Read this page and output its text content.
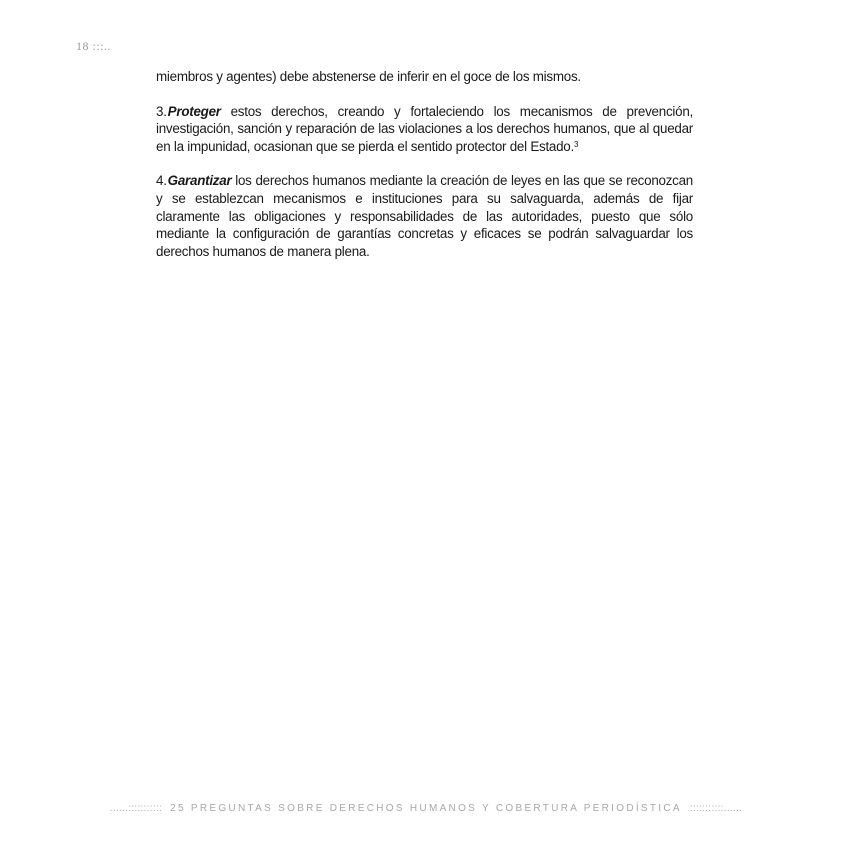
18 :::..

miembros y agentes) debe abstenerse de inferir en el goce de los mismos.

3.Proteger estos derechos, creando y fortaleciendo los mecanismos de prevención, investigación, sanción y reparación de las violaciones a los derechos humanos, que al quedar en la impunidad, ocasionan que se pierda el sentido protector del Estado.$^3$

4.Garantizar los derechos humanos mediante la creación de leyes en las que se reconozcan y se establezcan mecanismos e instituciones para su salvaguarda, además de fijar claramente las obligaciones y responsabilidades de las autoridades, puesto que sólo mediante la configuración de garantías concretas y eficaces se podrán salvaguardar los derechos humanos de manera plena.

......::::::::::: 25 PREGUNTAS SOBRE DERECHOS HUMANOS Y COBERTURA PERIODÍSTICA :::::::::::......
